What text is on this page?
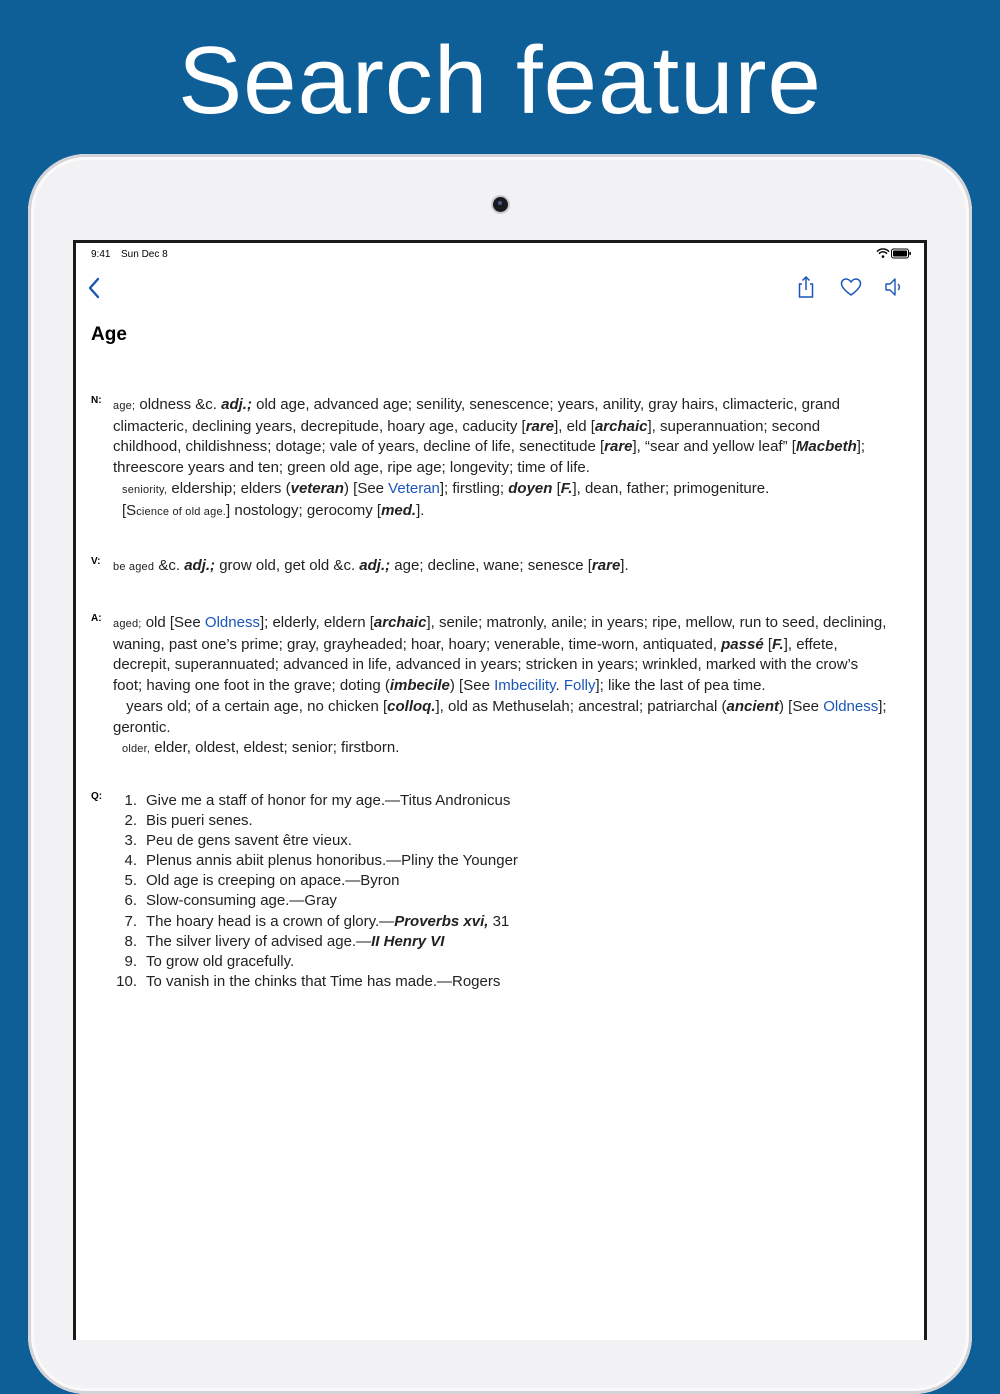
Search feature
9:41 Sun Dec 8
Age
N: age; oldness &c. adj.; old age, advanced age; senility, senescence; years, anility, gray hairs, climacteric, grand climacteric, declining years, decrepitude, hoary age, caducity [rare], eld [archaic], superannuation; second childhood, childishness; dotage; vale of years, decline of life, senectitude [rare], “sear and yellow leaf” [Macbeth]; threescore years and ten; green old age, ripe age; longevity; time of life.
seniority, eldership; elders (veteran) [See Veteran]; firstling; doyen [F.], dean, father; primogeniture.
[Science of old age.] nostology; gerocomy [med.].
V: be aged &c. adj.; grow old, get old &c. adj.; age; decline, wane; senesce [rare].
A: aged; old [See Oldness]; elderly, eldern [archaic], senile; matronly, anile; in years; ripe, mellow, run to seed, declining, waning, past one’s prime; gray, grayheaded; hoar, hoary; venerable, time-worn, antiquated, passé [F.], effete, decrepit, superannuated; advanced in life, advanced in years; stricken in years; wrinkled, marked with the crow’s foot; having one foot in the grave; doting (imbecile) [See Imbecility. Folly]; like the last of pea time.
years old; of a certain age, no chicken [colloq.], old as Methuselah; ancestral; patriarchal (ancient) [See Oldness]; gerontic.
older, elder, oldest, eldest; senior; firstborn.
Q:	1. Give me a staff of honor for my age.—Titus Andronicus
2. Bis pueri senes.
3. Peu de gens savent être vieux.
4. Plenus annis abiit plenus honoribus.—Pliny the Younger
5. Old age is creeping on apace.—Byron
6. Slow-consuming age.—Gray
7. The hoary head is a crown of glory.—Proverbs xvi, 31
8. The silver livery of advised age.—II Henry VI
9. To grow old gracefully.
10. To vanish in the chinks that Time has made.—Rogers
